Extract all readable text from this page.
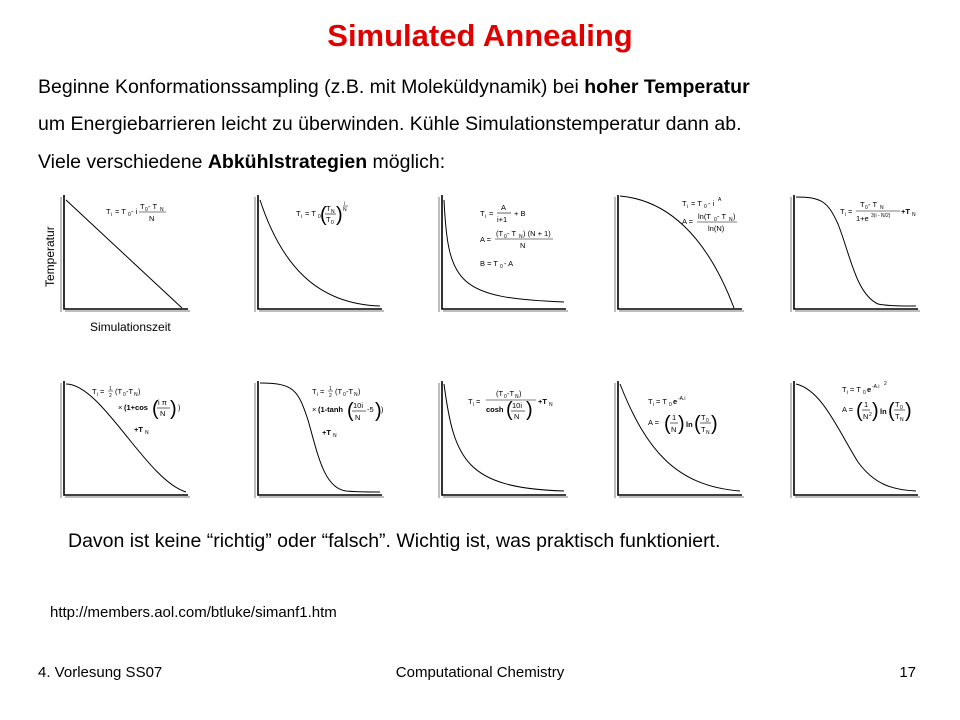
Simulated Annealing
Beginne Konformationssampling (z.B. mit Moleküldynamik) bei hoher Temperatur
um Energiebarrieren leicht zu überwinden. Kühle Simulationstemperatur dann ab.
Viele verschiedene Abkühlstrategien möglich:
Temperatur
Simulationszeit
T i = T 0 - i
T 0 - T N
N
T i = T 0 ( T N
T 0 ) i
N	T i =
A
i+1
+ B
A =
(T 0 - T N ) (N + 1)
N
B = T 0 - A
T i = T 0 - i A
A =
ln(T 0 - T N )
ln(N)
T i =
T 0 - T N
1+e 3(i - N/2) +T N
T i = 1
2 (T 0 -T N )
× (1+cos ( i π
N ) )
+T N
T i = 1
2 (T 0 -T N )
× (1-tanh ( 10i
N
-5 ) )
+T N
T i =
(T 0 -T N )
cosh ( 10i
N ) +T N	T i = T 0 e -A.i
A = ( 1
N ) ln ( T 0
T N )
T i = T 0 e -A.i 2
A = ( 1
N 2 ) ln ( T 0
T N )
Davon ist keine “richtig” oder “falsch”. Wichtig ist, was praktisch funktioniert.
http://members.aol.com/btluke/simanf1.htm
4. Vorlesung SS07	Computational Chemistry	17
